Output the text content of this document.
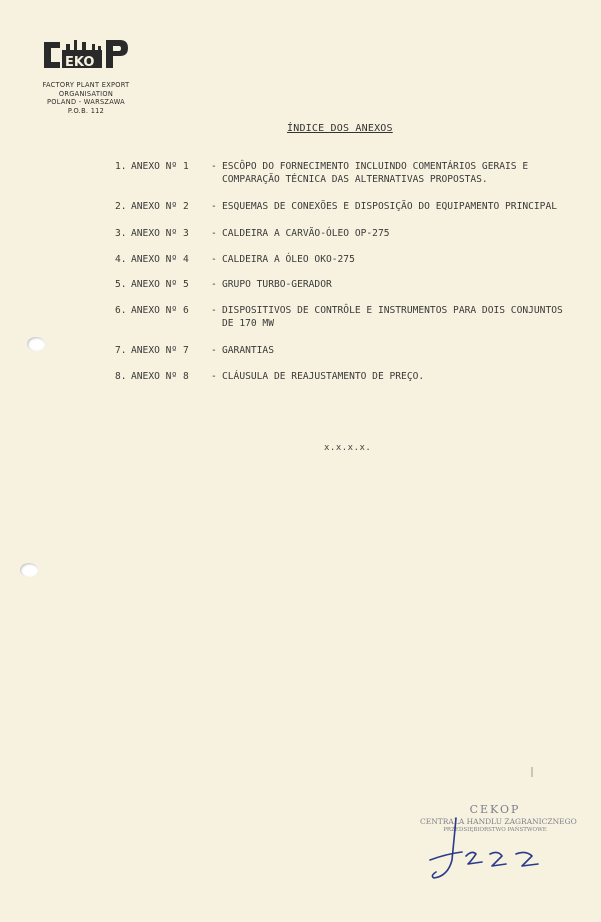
EKO
FACTORY PLANT EXPORT
ORGANISATION
POLAND - WARSZAWA
P.O.B. 112
ÍNDICE DOS ANEXOS
1. ANEXO Nº 1	- ESCÔPO DO FORNECIMENTO INCLUINDO COMENTÁRIOS GERAIS E COMPARAÇÃO TÉCNICA DAS ALTERNATIVAS PROPOSTAS.
2. ANEXO Nº 2	- ESQUEMAS DE CONEXÕES E DISPOSIÇÃO DO EQUIPAMENTO PRINCIPAL
3. ANEXO Nº 3	- CALDEIRA A CARVÃO-ÓLEO OP-275
4. ANEXO Nº 4	- CALDEIRA A ÓLEO OKO-275
5. ANEXO Nº 5	- GRUPO TURBO-GERADOR
6. ANEXO Nº 6	- DISPOSITIVOS DE CONTRÔLE E INSTRUMENTOS PARA DOIS CONJUNTOS DE 170 MW
7. ANEXO Nº 7	- GARANTIAS
8. ANEXO Nº 8	- CLÁUSULA DE REAJUSTAMENTO DE PREÇO.
x.x.x.x.
CEKOP
CENTRALA HANDLU ZAGRANICZNEGO
PRZEDSIĘBIORSTWO PAŃSTWOWE
